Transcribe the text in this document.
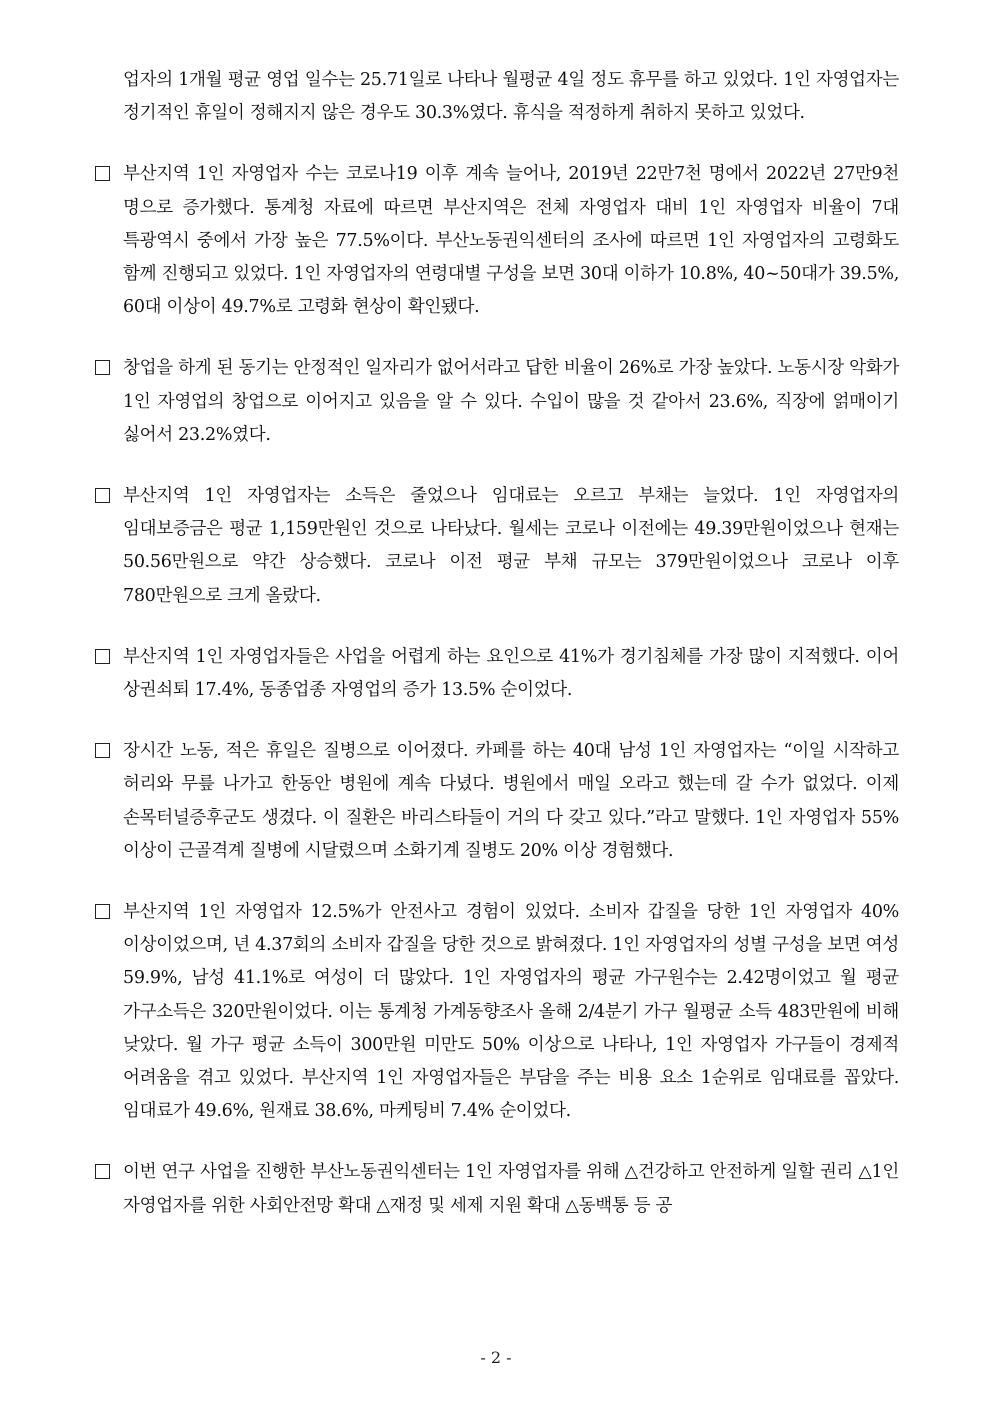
업자의 1개월 평균 영업 일수는 25.71일로 나타나 월평균 4일 정도 휴무를 하고 있었다. 1인 자영업자는 정기적인 휴일이 정해지지 않은 경우도 30.3%였다. 휴식을 적정하게 취하지 못하고 있었다.

부산지역 1인 자영업자 수는 코로나19 이후 계속 늘어나, 2019년 22만7천 명에서 2022년 27만9천 명으로 증가했다. 통계청 자료에 따르면 부산지역은 전체 자영업자 대비 1인 자영업자 비율이 7대 특광역시 중에서 가장 높은 77.5%이다. 부산노동권익센터의 조사에 따르면 1인 자영업자의 고령화도 함께 진행되고 있었다. 1인 자영업자의 연령대별 구성을 보면 30대 이하가 10.8%, 40~50대가 39.5%, 60대 이상이 49.7%로 고령화 현상이 확인됐다.

창업을 하게 된 동기는 안정적인 일자리가 없어서라고 답한 비율이 26%로 가장 높았다. 노동시장 악화가 1인 자영업의 창업으로 이어지고 있음을 알 수 있다. 수입이 많을 것 같아서 23.6%, 직장에 얽매이기 싫어서 23.2%였다.

부산지역 1인 자영업자는 소득은 줄었으나 임대료는 오르고 부채는 늘었다. 1인 자영업자의 임대보증금은 평균 1,159만원인 것으로 나타났다. 월세는 코로나 이전에는 49.39만원이었으나 현재는 50.56만원으로 약간 상승했다. 코로나 이전 평균 부채 규모는 379만원이었으나 코로나 이후 780만원으로 크게 올랐다.

부산지역 1인 자영업자들은 사업을 어렵게 하는 요인으로 41%가 경기침체를 가장 많이 지적했다. 이어 상권쇠퇴 17.4%, 동종업종 자영업의 증가 13.5% 순이었다.

장시간 노동, 적은 휴일은 질병으로 이어졌다. 카페를 하는 40대 남성 1인 자영업자는 “이일 시작하고 허리와 무릎 나가고 한동안 병원에 계속 다녔다. 병원에서 매일 오라고 했는데 갈 수가 없었다. 이제 손목터널증후군도 생겼다. 이 질환은 바리스타들이 거의 다 갖고 있다.”라고 말했다. 1인 자영업자 55% 이상이 근골격계 질병에 시달렸으며 소화기계 질병도 20% 이상 경험했다.

부산지역 1인 자영업자 12.5%가 안전사고 경험이 있었다. 소비자 갑질을 당한 1인 자영업자 40% 이상이었으며, 년 4.37회의 소비자 갑질을 당한 것으로 밝혀졌다. 1인 자영업자의 성별 구성을 보면 여성 59.9%, 남성 41.1%로 여성이 더 많았다. 1인 자영업자의 평균 가구원수는 2.42명이었고 월 평균 가구소득은 320만원이었다. 이는 통계청 가계동향조사 올해 2/4분기 가구 월평균 소득 483만원에 비해 낮았다. 월 가구 평균 소득이 300만원 미만도 50% 이상으로 나타나, 1인 자영업자 가구들이 경제적 어려움을 겪고 있었다. 부산지역 1인 자영업자들은 부담을 주는 비용 요소 1순위로 임대료를 꼽았다. 임대료가 49.6%, 원재료 38.6%, 마케팅비 7.4% 순이었다.

이번 연구 사업을 진행한 부산노동권익센터는 1인 자영업자를 위해 △건강하고 안전하게 일할 권리 △1인 자영업자를 위한 사회안전망 확대 △재정 및 세제 지원 확대 △동백통 등 공

- 2 -
